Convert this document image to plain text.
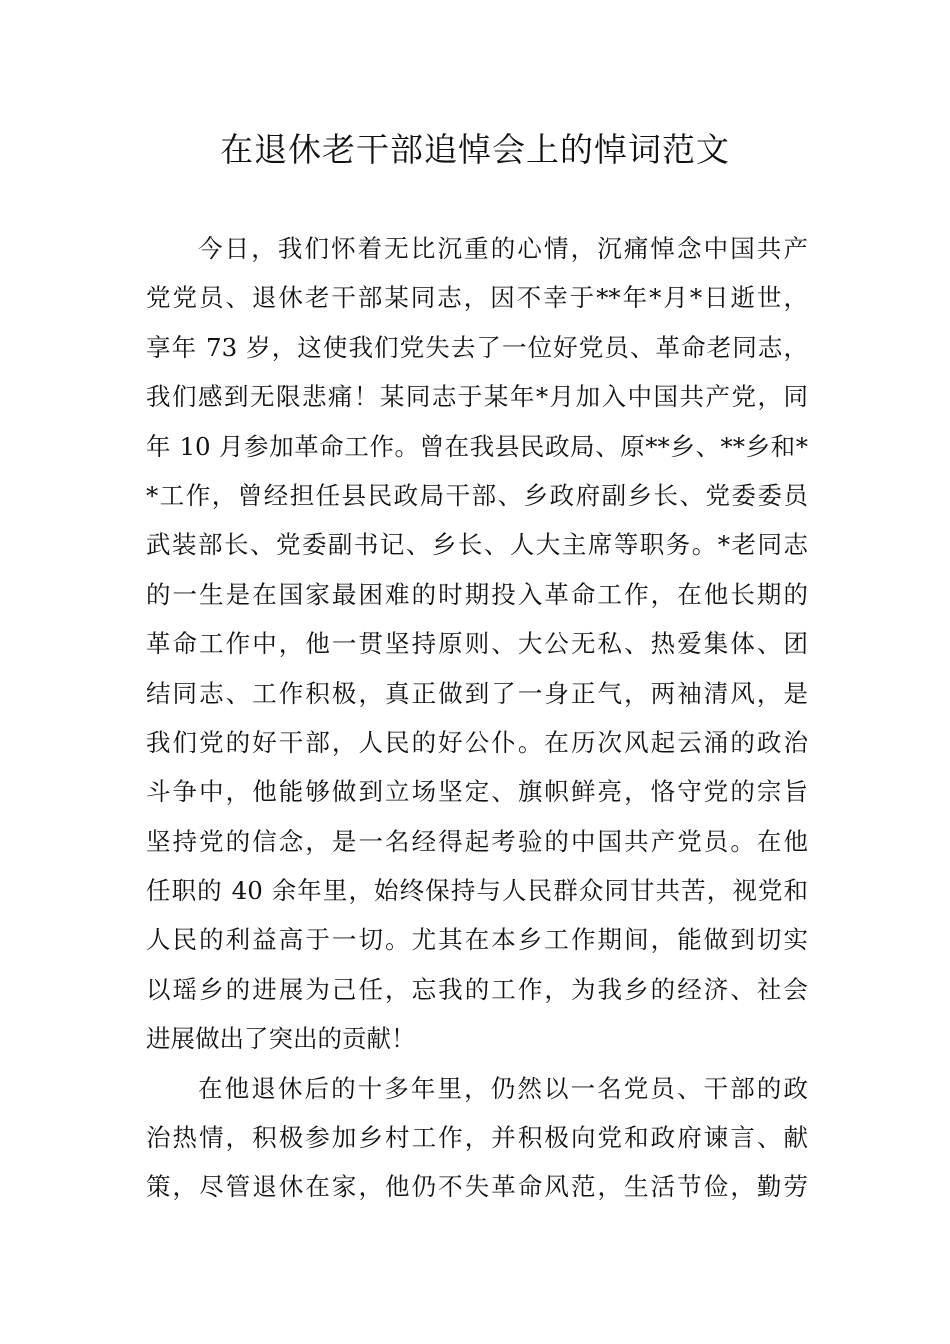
在退休老干部追悼会上的悼词范文
今日，我们怀着无比沉重的心情，沉痛悼念中国共产
党党员、退休老干部某同志，因不幸于**年*月*日逝世，
享年 73 岁，这使我们党失去了一位好党员、革命老同志，
我们感到无限悲痛！某同志于某年*月加入中国共产党，同
年 10 月参加革命工作。曾在我县民政局、原**乡、**乡和*
*工作，曾经担任县民政局干部、乡政府副乡长、党委委员
武装部长、党委副书记、乡长、人大主席等职务。*老同志
的一生是在国家最困难的时期投入革命工作，在他长期的
革命工作中，他一贯坚持原则、大公无私、热爱集体、团
结同志、工作积极，真正做到了一身正气，两袖清风，是
我们党的好干部，人民的好公仆。在历次风起云涌的政治
斗争中，他能够做到立场坚定、旗帜鲜亮，恪守党的宗旨
坚持党的信念，是一名经得起考验的中国共产党员。在他
任职的 40 余年里，始终保持与人民群众同甘共苦，视党和
人民的利益高于一切。尤其在本乡工作期间，能做到切实
以瑶乡的进展为己任，忘我的工作，为我乡的经济、社会
进展做出了突出的贡献！
在他退休后的十多年里，仍然以一名党员、干部的政
治热情，积极参加乡村工作，并积极向党和政府谏言、献
策，尽管退休在家，他仍不失革命风范，生活节俭，勤劳
